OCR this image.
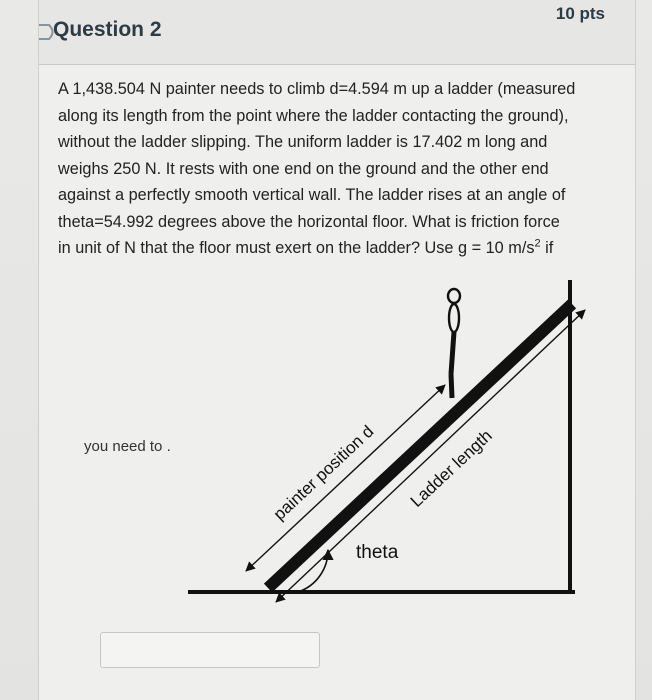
Question 2
10 pts
A 1,438.504 N painter needs to climb d=4.594 m up a ladder (measured
along its length from the point where the ladder contacting the ground),
without the ladder slipping. The uniform ladder is 17.402 m long and
weighs 250 N. It rests with one end on the ground and the other end
against a perfectly smooth vertical wall. The ladder rises at an angle of
theta=54.992 degrees above the horizontal floor. What is friction force
in unit of N that the floor must exert on the ladder? Use g = 10 $m/s^2$ if
you need to .	painter position d Ladder length
theta
